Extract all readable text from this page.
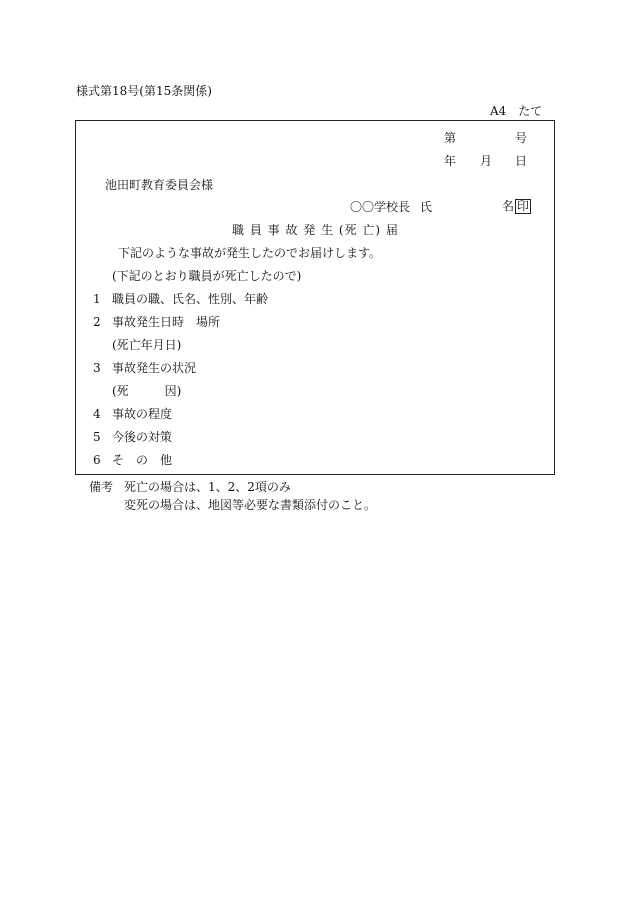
様式第18号(第15条関係)
A4　たて
第	号
年 月 日
池田町教育委員会様
〇〇学校長 氏	名 印
職 員 事 故 発 生 (死 亡) 届
下記のような事故が発生したのでお届けします。
(下記のとおり職員が死亡したので)
1 職員の職、氏名、性別、年齢
2 事故発生日時　場所
(死亡年月日)
3 事故発生の状況
(死　　　因)
4 事故の程度
5 今後の対策
6 そ　の　他
備考 死亡の場合は、1、2、2項のみ
変死の場合は、地図等必要な書類添付のこと。
